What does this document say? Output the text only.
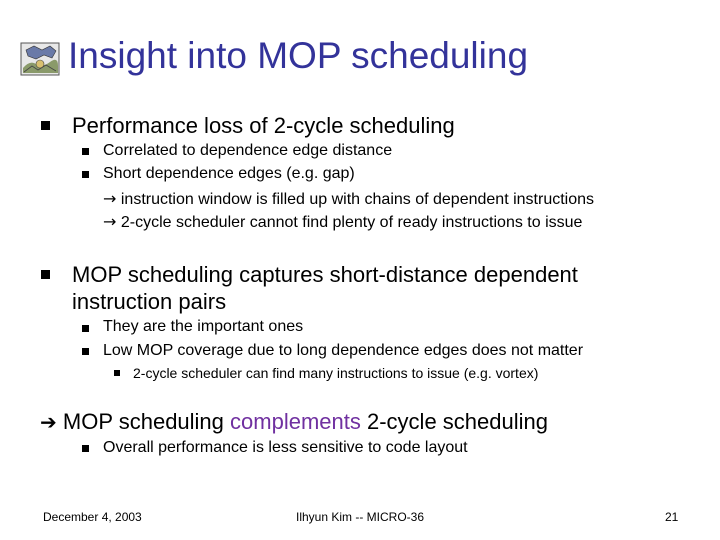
Insight into MOP scheduling
Performance loss of 2-cycle scheduling
Correlated to dependence edge distance
Short dependence edges (e.g. gap)
→ instruction window is filled up with chains of dependent instructions
→ 2-cycle scheduler cannot find plenty of ready instructions to issue
MOP scheduling captures short-distance dependent
instruction pairs
They are the important ones
Low MOP coverage due to long dependence edges does not matter
2-cycle scheduler can find many instructions to issue (e.g. vortex)
➔ MOP scheduling complements 2-cycle scheduling
Overall performance is less sensitive to code layout
December 4, 2003	Ilhyun Kim -- MICRO-36	21
